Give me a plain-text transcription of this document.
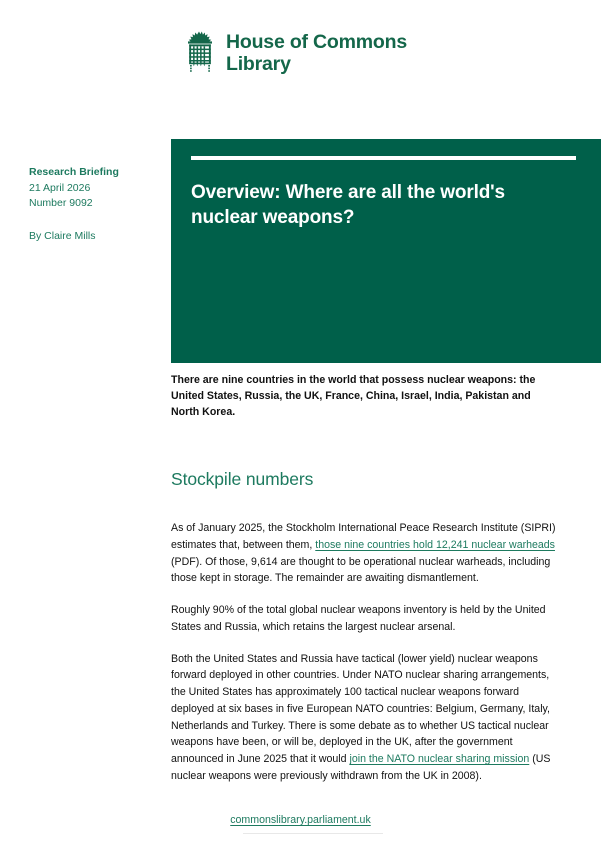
House of Commons
Library
Research Briefing
21 April 2026
Number 9092
By Claire Mills
Overview: Where are all the world's nuclear weapons?

There are nine countries in the world that possess nuclear weapons: the United States, Russia, the UK, France, China, Israel, India, Pakistan and North Korea.

Stockpile numbers

As of January 2025, the Stockholm International Peace Research Institute (SIPRI) estimates that, between them, those nine countries hold 12,241 nuclear warheads (PDF). Of those, 9,614 are thought to be operational nuclear warheads, including those kept in storage. The remainder are awaiting dismantlement.

Roughly 90% of the total global nuclear weapons inventory is held by the United States and Russia, which retains the largest nuclear arsenal.

Both the United States and Russia have tactical (lower yield) nuclear weapons forward deployed in other countries. Under NATO nuclear sharing arrangements, the United States has approximately 100 tactical nuclear weapons forward deployed at six bases in five European NATO countries: Belgium, Germany, Italy, Netherlands and Turkey. There is some debate as to whether US tactical nuclear weapons have been, or will be, deployed in the UK, after the government announced in June 2025 that it would join the NATO nuclear sharing mission (US nuclear weapons were previously withdrawn from the UK in 2008).

commonslibrary.parliament.uk
